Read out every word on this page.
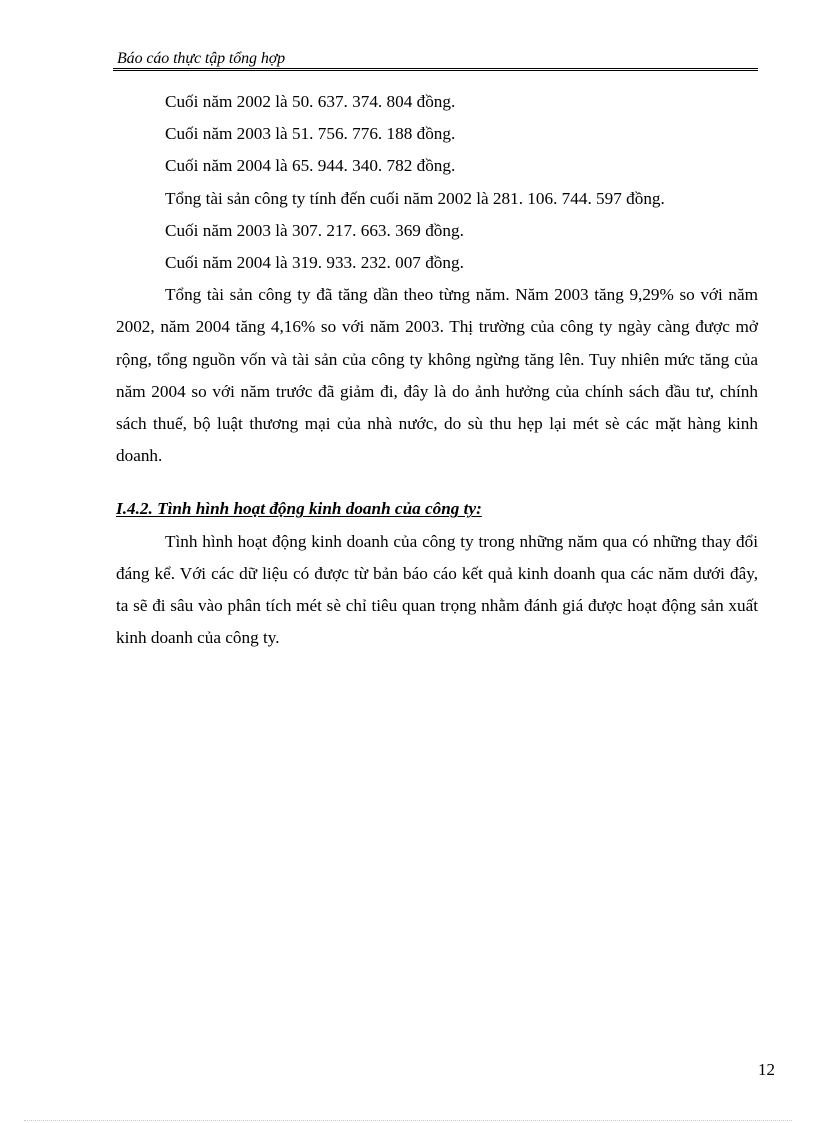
Báo cáo thực tập tổng hợp

Cuối năm 2002 là 50. 637. 374. 804 đồng.

Cuối năm 2003 là 51. 756. 776. 188 đồng.

Cuối năm 2004 là 65. 944. 340. 782 đồng.

Tổng tài sản công ty tính đến cuối năm 2002 là 281. 106. 744. 597 đồng.

Cuối năm 2003 là 307. 217. 663. 369 đồng.

Cuối năm 2004 là 319. 933. 232. 007 đồng.

Tổng tài sản công ty đã tăng dần theo từng năm. Năm 2003 tăng 9,29% so với năm 2002, năm 2004 tăng 4,16% so với năm 2003. Thị trường của công ty ngày càng được mở rộng, tổng nguồn vốn và tài sản của công ty không ngừng tăng lên. Tuy nhiên mức tăng của năm 2004 so với năm trước đã giảm đi, đây là do ảnh hưởng của chính sách đầu tư, chính sách thuế, bộ luật thương mại của nhà nước, do sù thu hẹp lại mét sè các mặt hàng kinh doanh.

I.4.2. Tình hình hoạt động kinh doanh của công ty:

Tình hình hoạt động kinh doanh của công ty trong những năm qua có những thay đổi đáng kể. Với các dữ liệu có được từ bản báo cáo kết quả kinh doanh qua các năm dưới đây, ta sẽ đi sâu vào phân tích mét sè chỉ tiêu quan trọng nhằm đánh giá được hoạt động sản xuất kinh doanh của công ty.

12
